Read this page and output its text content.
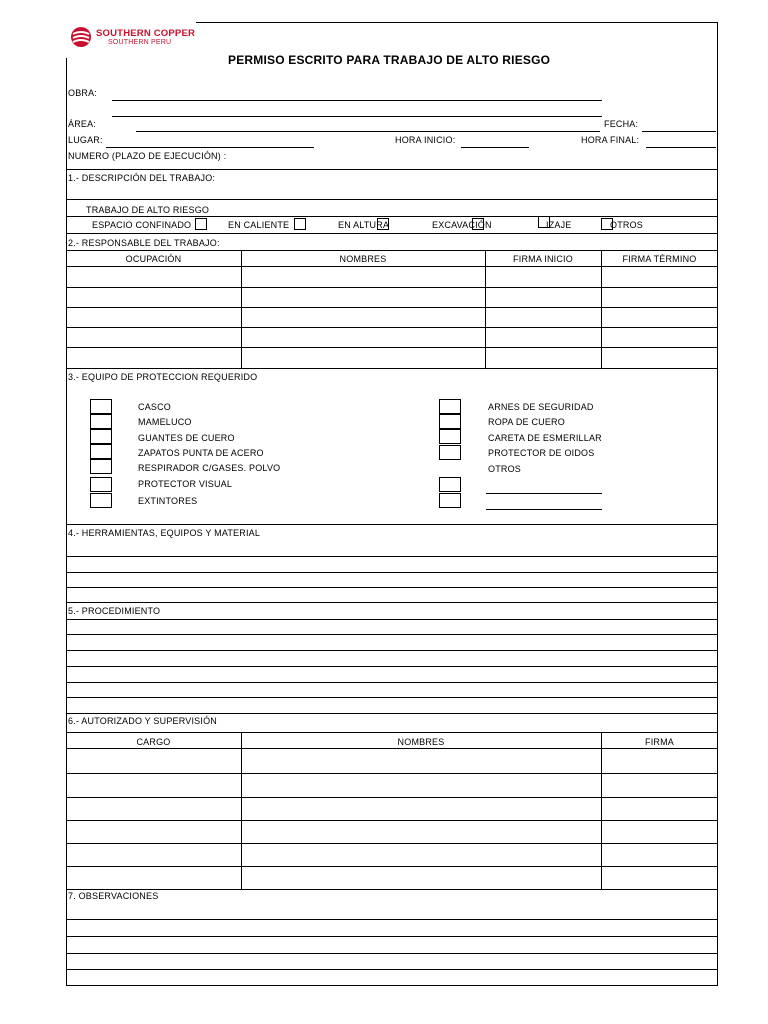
SOUTHERN COPPER
SOUTHERN PERU
PERMISO ESCRITO PARA TRABAJO DE ALTO RIESGO
OBRA:
ÁREA:	FECHA:
LUGAR:	HORA INICIO:	HORA FINAL:
NUMERO (PLAZO DE EJECUCIÓN) :
1.- DESCRIPCIÓN DEL TRABAJO:
TRABAJO DE ALTO RIESGO
ESPACIO CONFINADO	EN CALIENTE	EN ALTURA	EXCAVACIÓN	IZAJE	OTROS
2.- RESPONSABLE DEL TRABAJO:
OCUPACIÓN	NOMBRES	FIRMA INICIO	FIRMA TÉRMINO
3.- EQUIPO DE PROTECCION REQUERIDO
CASCO
MAMELUCO
GUANTES DE CUERO
ZAPATOS PUNTA DE ACERO
RESPIRADOR C/GASES. POLVO
PROTECTOR VISUAL
EXTINTORES
ARNES DE SEGURIDAD
ROPA DE CUERO
CARETA DE ESMERILLAR
PROTECTOR DE OIDOS
OTROS
4.- HERRAMIENTAS, EQUIPOS Y MATERIAL
5.- PROCEDIMIENTO
6.- AUTORIZADO Y SUPERVISIÓN
CARGO	NOMBRES	FIRMA
7. OBSERVACIONES
